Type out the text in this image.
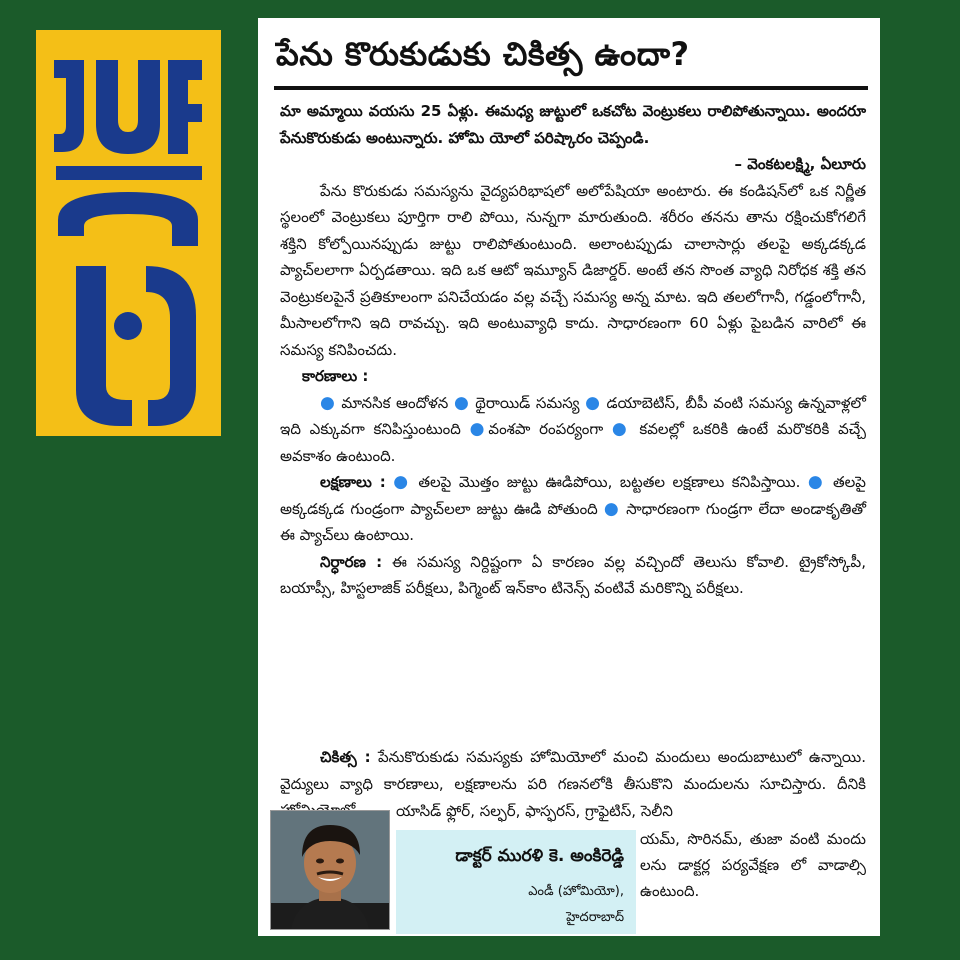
పేను కొరుకుడుకు చికిత్స ఉందా?

మా అమ్మాయి వయసు 25 ఏళ్లు. ఈమధ్య జుట్టులో ఒకచోట వెంట్రుకలు రాలిపోతున్నాయి. అందరూ పేనుకొరుకుడు అంటున్నారు. హోమి యోలో పరిష్కారం చెప్పండి.

– వెంకటలక్ష్మి, ఏలూరు

పేను కొరుకుడు సమస్యను వైద్యపరిభాషలో అలోపేషియా అంటారు. ఈ కండిషన్‌లో ఒక నిర్ణీత స్థలంలో వెంట్రుకలు పూర్తిగా రాలి పోయి, నున్నగా మారుతుంది. శరీరం తనను తాను రక్షించుకోగలిగే శక్తిని కోల్పోయినప్పుడు జుట్టు రాలిపోతుంటుంది. అలాంటప్పుడు చాలాసార్లు తలపై అక్కడక్కడ ప్యాచ్‌లలాగా ఏర్పడతాయి. ఇది ఒక ఆటో ఇమ్యూన్ డిజార్డర్. అంటే తన సొంత వ్యాధి నిరోధక శక్తి తన వెంట్రుకలపైనే ప్రతికూలంగా పనిచేయడం వల్ల వచ్చే సమస్య అన్న మాట. ఇది తలలోగానీ, గడ్డంలోగానీ, మీసాలలోగాని ఇది రావచ్చు. ఇది అంటువ్యాధి కాదు. సాధారణంగా 60 ఏళ్లు పైబడిన వారిలో ఈ సమస్య కనిపించదు.

కారణాలు :

● మానసిక ఆందోళన ● థైరాయిడ్ సమస్య ● డయాబెటిస్, బీపీ వంటి సమస్య ఉన్నవాళ్లలో ఇది ఎక్కువగా కనిపిస్తుంటుంది ●వంశపా రంపర్యంగా ● కవలల్లో ఒకరికి ఉంటే మరొకరికి వచ్చే అవకాశం ఉంటుంది.

లక్షణాలు : ● తలపై మొత్తం జుట్టు ఊడిపోయి, బట్టతల లక్షణాలు కనిపిస్తాయి. ● తలపై అక్కడక్కడ గుండ్రంగా ప్యాచ్‌లలా జుట్టు ఊడి పోతుంది ● సాధారణంగా గుండ్రగా లేదా అండాకృతితో ఈ ప్యాచ్‌లు ఉంటాయి.

నిర్ధారణ : ఈ సమస్య నిర్దిష్టంగా ఏ కారణం వల్ల వచ్చిందో తెలుసు కోవాలి. ట్రైకోస్కోపీ, బయాప్సీ, హిస్టలాజిక్ పరీక్షలు, పిగ్మెంట్ ఇన్‌కాం టినెన్స్ వంటివే మరికొన్ని పరీక్షలు.

చికిత్స : పేనుకొరుకుడు సమస్యకు హోమియోలో మంచి మందులు అందుబాటులో ఉన్నాయి. వైద్యులు వ్యాధి కారణాలు, లక్షణాలను పరి గణనలోకి తీసుకొని మందులను సూచిస్తారు. దీనికి

యాసిడ్ ఫ్లోర్, సల్ఫర్, ఫాస్ఫరస్, గ్రాఫైటిస్, సెలీని
యమ్, సొరినమ్, తుజా వంటి మందు లను డాక్టర్ల పర్యవేక్షణ లో వాడాల్సి ఉంటుంది.
డాక్టర్ మురళి కె. అంకిరెడ్డి
ఎండీ (హోమియో),
హైదరాబాద్
